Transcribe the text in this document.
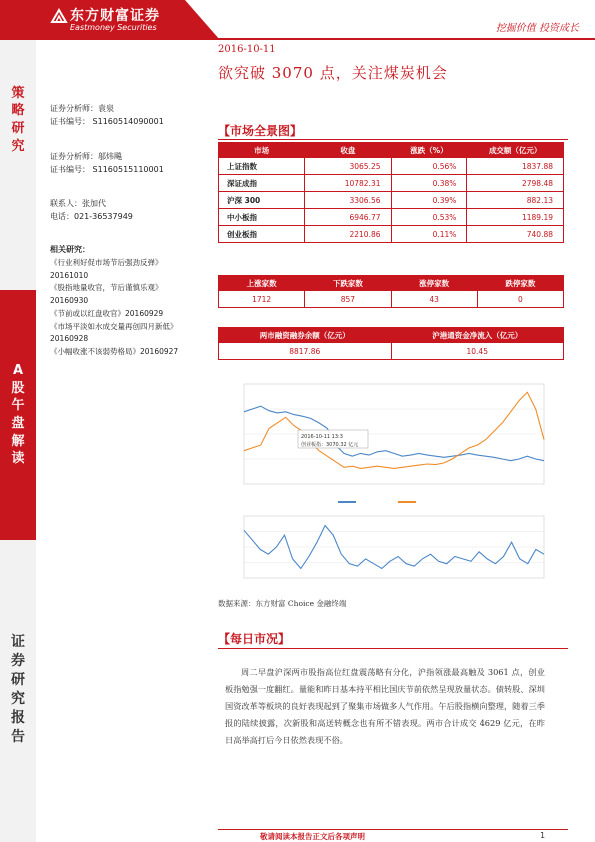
东方财富证券
Eastmoney Securities	挖掘价值 投资成长
策
略
研
究
A
股
午
盘
解
读
证
券
研
究
报
告
2016-10-11
欲究破 3070 点，关注煤炭机会
证券分析师：袁泉
证书编号： S1160514090001
证券分析师：邬炜飚
证书编号： S1160515110001
联系人：张加代
电话：021-36537949
相关研究：
《行业利好促市场节后强劲反弹》
20161010
《股指地量收官，节后谨慎乐观》
20160930
《节前或以红盘收官》20160929
《市场平淡如水成交量再创四月新低》
20160928
《小幅收涨不该弱势格局》20160927
【市场全景图】
市场	收盘	涨跌（%）	成交额（亿元）
上证指数	3065.25	0.56%	1837.88
深证成指	10782.31	0.38%	2798.48
沪深 300	3306.56	0.39%	882.13
中小板指	6946.77	0.53%	1189.19
创业板指	2210.86	0.11%	740.88
上涨家数	下跌家数	涨停家数	跌停家数
1712	857	43	0
两市融资融券余额（亿元）	沪港通资金净流入（亿元）
8817.86	10.45
2016-10-11 13:3
创业板指：3070.32 亿元
数据来源：东方财富 Choice 金融终端
【每日市况】
周二早盘沪深两市股指高位红盘震荡略有分化，沪指领涨最高触及 3061 点，创业板指勉强一度翻红。量能和昨日基本持平相比国庆节前依然呈现放量状态。债转股、深圳国资改革等板块的良好表现起到了聚集市场做多人气作用。午后股指横向整理，随着三季报的陆续披露，次新股和高送转概念也有所不错表现。两市合计成交 4629 亿元，在昨日高举高打后今日依然表现不俗。
敬请阅读本报告正文后各项声明	1
